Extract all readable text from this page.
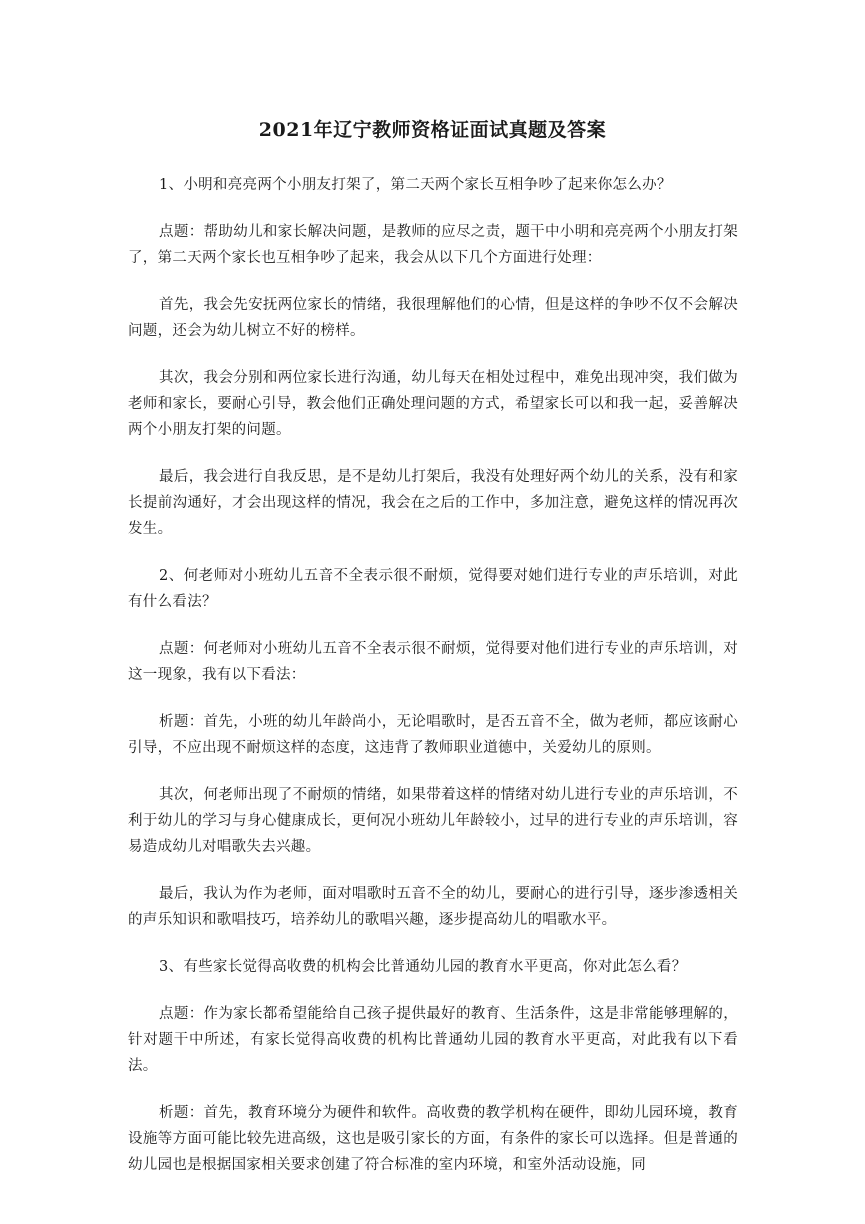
2021年辽宁教师资格证面试真题及答案

1、小明和亮亮两个小朋友打架了，第二天两个家长互相争吵了起来你怎么办？

点题：帮助幼儿和家长解决问题，是教师的应尽之责，题干中小明和亮亮两个小朋友打架了，第二天两个家长也互相争吵了起来，我会从以下几个方面进行处理：

首先，我会先安抚两位家长的情绪，我很理解他们的心情，但是这样的争吵不仅不会解决问题，还会为幼儿树立不好的榜样。

其次，我会分别和两位家长进行沟通，幼儿每天在相处过程中，难免出现冲突，我们做为老师和家长，要耐心引导，教会他们正确处理问题的方式，希望家长可以和我一起，妥善解决两个小朋友打架的问题。

最后，我会进行自我反思，是不是幼儿打架后，我没有处理好两个幼儿的关系，没有和家长提前沟通好，才会出现这样的情况，我会在之后的工作中，多加注意，避免这样的情况再次发生。

2、何老师对小班幼儿五音不全表示很不耐烦，觉得要对她们进行专业的声乐培训，对此有什么看法？

点题：何老师对小班幼儿五音不全表示很不耐烦，觉得要对他们进行专业的声乐培训，对这一现象，我有以下看法：

析题：首先，小班的幼儿年龄尚小，无论唱歌时，是否五音不全，做为老师，都应该耐心引导，不应出现不耐烦这样的态度，这违背了教师职业道德中，关爱幼儿的原则。

其次，何老师出现了不耐烦的情绪，如果带着这样的情绪对幼儿进行专业的声乐培训，不利于幼儿的学习与身心健康成长，更何况小班幼儿年龄较小，过早的进行专业的声乐培训，容易造成幼儿对唱歌失去兴趣。

最后，我认为作为老师，面对唱歌时五音不全的幼儿，要耐心的进行引导，逐步渗透相关的声乐知识和歌唱技巧，培养幼儿的歌唱兴趣，逐步提高幼儿的唱歌水平。

3、有些家长觉得高收费的机构会比普通幼儿园的教育水平更高，你对此怎么看？

点题：作为家长都希望能给自己孩子提供最好的教育、生活条件，这是非常能够理解的，针对题干中所述，有家长觉得高收费的机构比普通幼儿园的教育水平更高，对此我有以下看法。

析题：首先，教育环境分为硬件和软件。高收费的教学机构在硬件，即幼儿园环境，教育设施等方面可能比较先进高级，这也是吸引家长的方面，有条件的家长可以选择。但是普通的幼儿园也是根据国家相关要求创建了符合标准的室内环境，和室外活动设施，同
